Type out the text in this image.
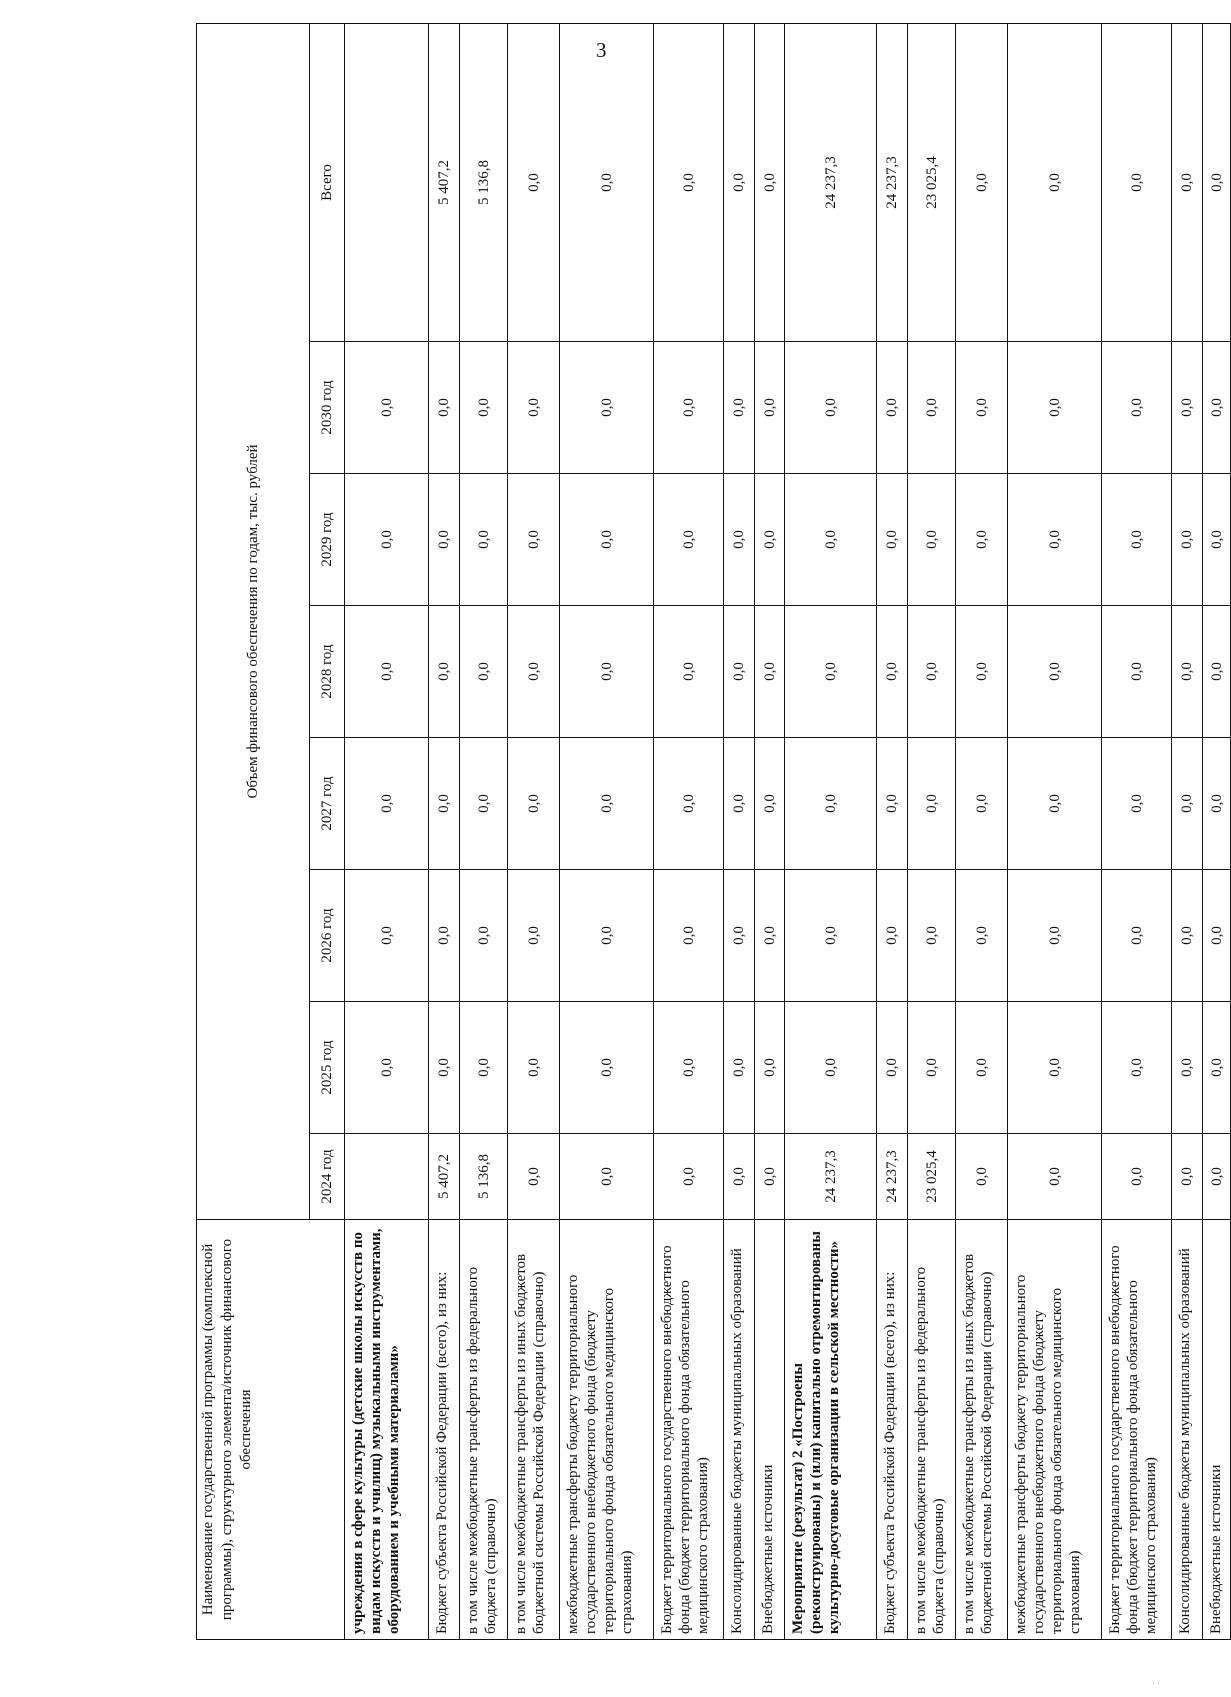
3
Наименование государственной программы (комплексной программы), структурного элемента/источник финансового обеспечения	Объем финансового обеспечения по годам, тыс. рублей							
	2024 год	2025 год	2026 год	2027 год	2028 год	2029 год	2030 год	Всего
учреждения в сфере культуры (детские школы искусств по видам искусств и училищ) музыкальными инструментами, оборудованием и учебными материалами»		0,0	0,0	0,0	0,0	0,0	0,0	
Бюджет субъекта Российской Федерации (всего), из них:	5 407,2	0,0	0,0	0,0	0,0	0,0	0,0	5 407,2
в том числе межбюджетные трансферты из федерального бюджета (справочно)	5 136,8	0,0	0,0	0,0	0,0	0,0	0,0	5 136,8
в том числе межбюджетные трансферты из иных бюджетов бюджетной системы Российской Федерации (справочно)	0,0	0,0	0,0	0,0	0,0	0,0	0,0	0,0
межбюджетные трансферты бюджету территориального государственного внебюджетного фонда (бюджету территориального фонда обязательного медицинского страхования)	0,0	0,0	0,0	0,0	0,0	0,0	0,0	0,0
Бюджет территориального государственного внебюджетного фонда (бюджет территориального фонда обязательного медицинского страхования)	0,0	0,0	0,0	0,0	0,0	0,0	0,0	0,0
Консолидированные бюджеты муниципальных образований	0,0	0,0	0,0	0,0	0,0	0,0	0,0	0,0
Внебюджетные источники	0,0	0,0	0,0	0,0	0,0	0,0	0,0	0,0
Мероприятие (результат) 2 «Построены (реконструированы) и (или) капитально отремонтированы культурно-досуговые организации в сельской местности»	24 237,3	0,0	0,0	0,0	0,0	0,0	0,0	24 237,3
Бюджет субъекта Российской Федерации (всего), из них:	24 237,3	0,0	0,0	0,0	0,0	0,0	0,0	24 237,3
в том числе межбюджетные трансферты из федерального бюджета (справочно)	23 025,4	0,0	0,0	0,0	0,0	0,0	0,0	23 025,4
в том числе межбюджетные трансферты из иных бюджетов бюджетной системы Российской Федерации (справочно)	0,0	0,0	0,0	0,0	0,0	0,0	0,0	0,0
межбюджетные трансферты бюджету территориального государственного внебюджетного фонда (бюджету территориального фонда обязательного медицинского страхования)	0,0	0,0	0,0	0,0	0,0	0,0	0,0	0,0
Бюджет территориального государственного внебюджетного фонда (бюджет территориального фонда обязательного медицинского страхования)	0,0	0,0	0,0	0,0	0,0	0,0	0,0	0,0
Консолидированные бюджеты муниципальных образований	0,0	0,0	0,0	0,0	0,0	0,0	0,0	0,0
Внебюджетные источники	0,0	0,0	0,0	0,0	0,0	0,0	0,0	0,0
· ·
